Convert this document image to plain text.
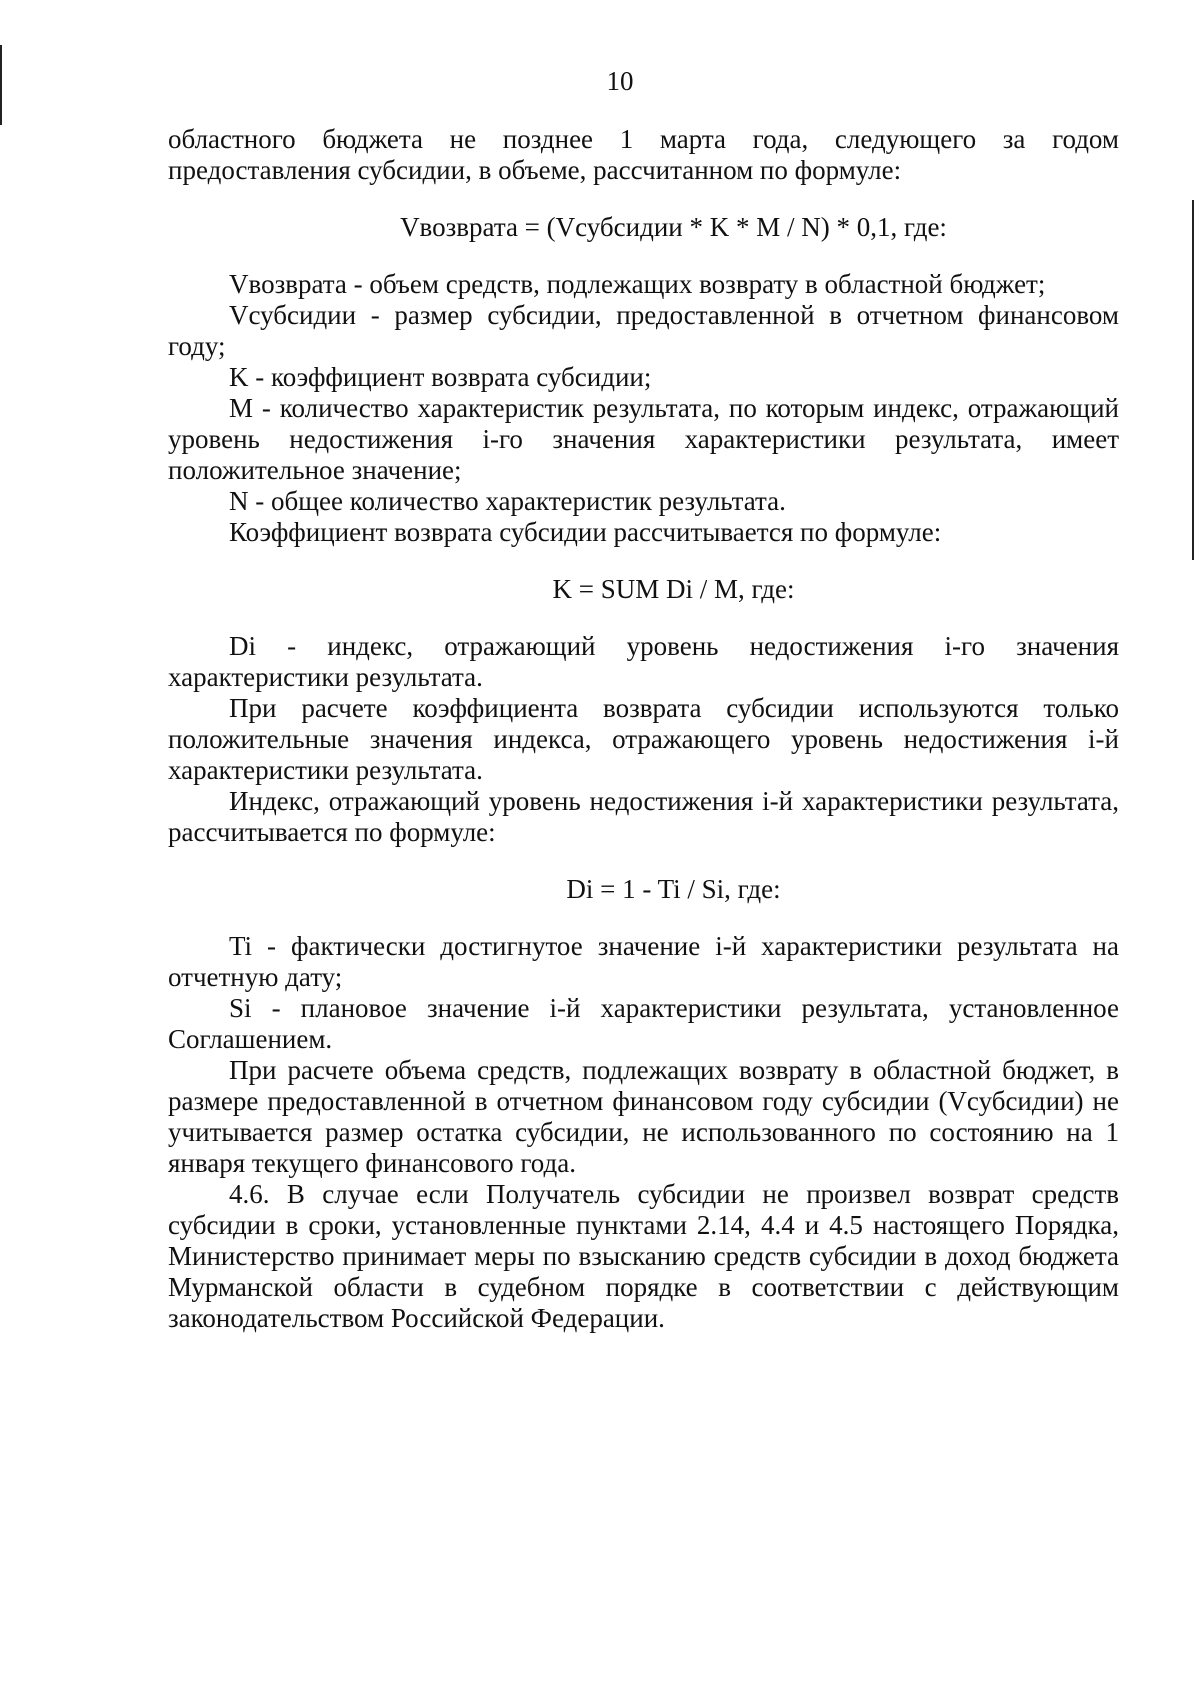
10

областного бюджета не позднее 1 марта года, следующего за годом предоставления субсидии, в объеме, рассчитанном по формуле:

Vвозврата = (Vсубсидии * K * M / N) * 0,1, где:

Vвозврата - объем средств, подлежащих возврату в областной бюджет;

Vсубсидии - размер субсидии, предоставленной в отчетном финансовом году;

K - коэффициент возврата субсидии;

M - количество характеристик результата, по которым индекс, отражающий уровень недостижения i-го значения характеристики результата, имеет положительное значение;

N - общее количество характеристик результата.

Коэффициент возврата субсидии рассчитывается по формуле:

K = SUM Di / M, где:

Di - индекс, отражающий уровень недостижения i-го значения характеристики результата.

При расчете коэффициента возврата субсидии используются только положительные значения индекса, отражающего уровень недостижения i-й характеристики результата.

Индекс, отражающий уровень недостижения i-й характеристики результата, рассчитывается по формуле:

Di = 1 - Ti / Si, где:

Ti - фактически достигнутое значение i-й характеристики результата на отчетную дату;

Si - плановое значение i-й характеристики результата, установленное Соглашением.

При расчете объема средств, подлежащих возврату в областной бюджет, в размере предоставленной в отчетном финансовом году субсидии (Vсубсидии) не учитывается размер остатка субсидии, не использованного по состоянию на 1 января текущего финансового года.

4.6. В случае если Получатель субсидии не произвел возврат средств субсидии в сроки, установленные пунктами 2.14, 4.4 и 4.5 настоящего Порядка, Министерство принимает меры по взысканию средств субсидии в доход бюджета Мурманской области в судебном порядке в соответствии с действующим законодательством Российской Федерации.
